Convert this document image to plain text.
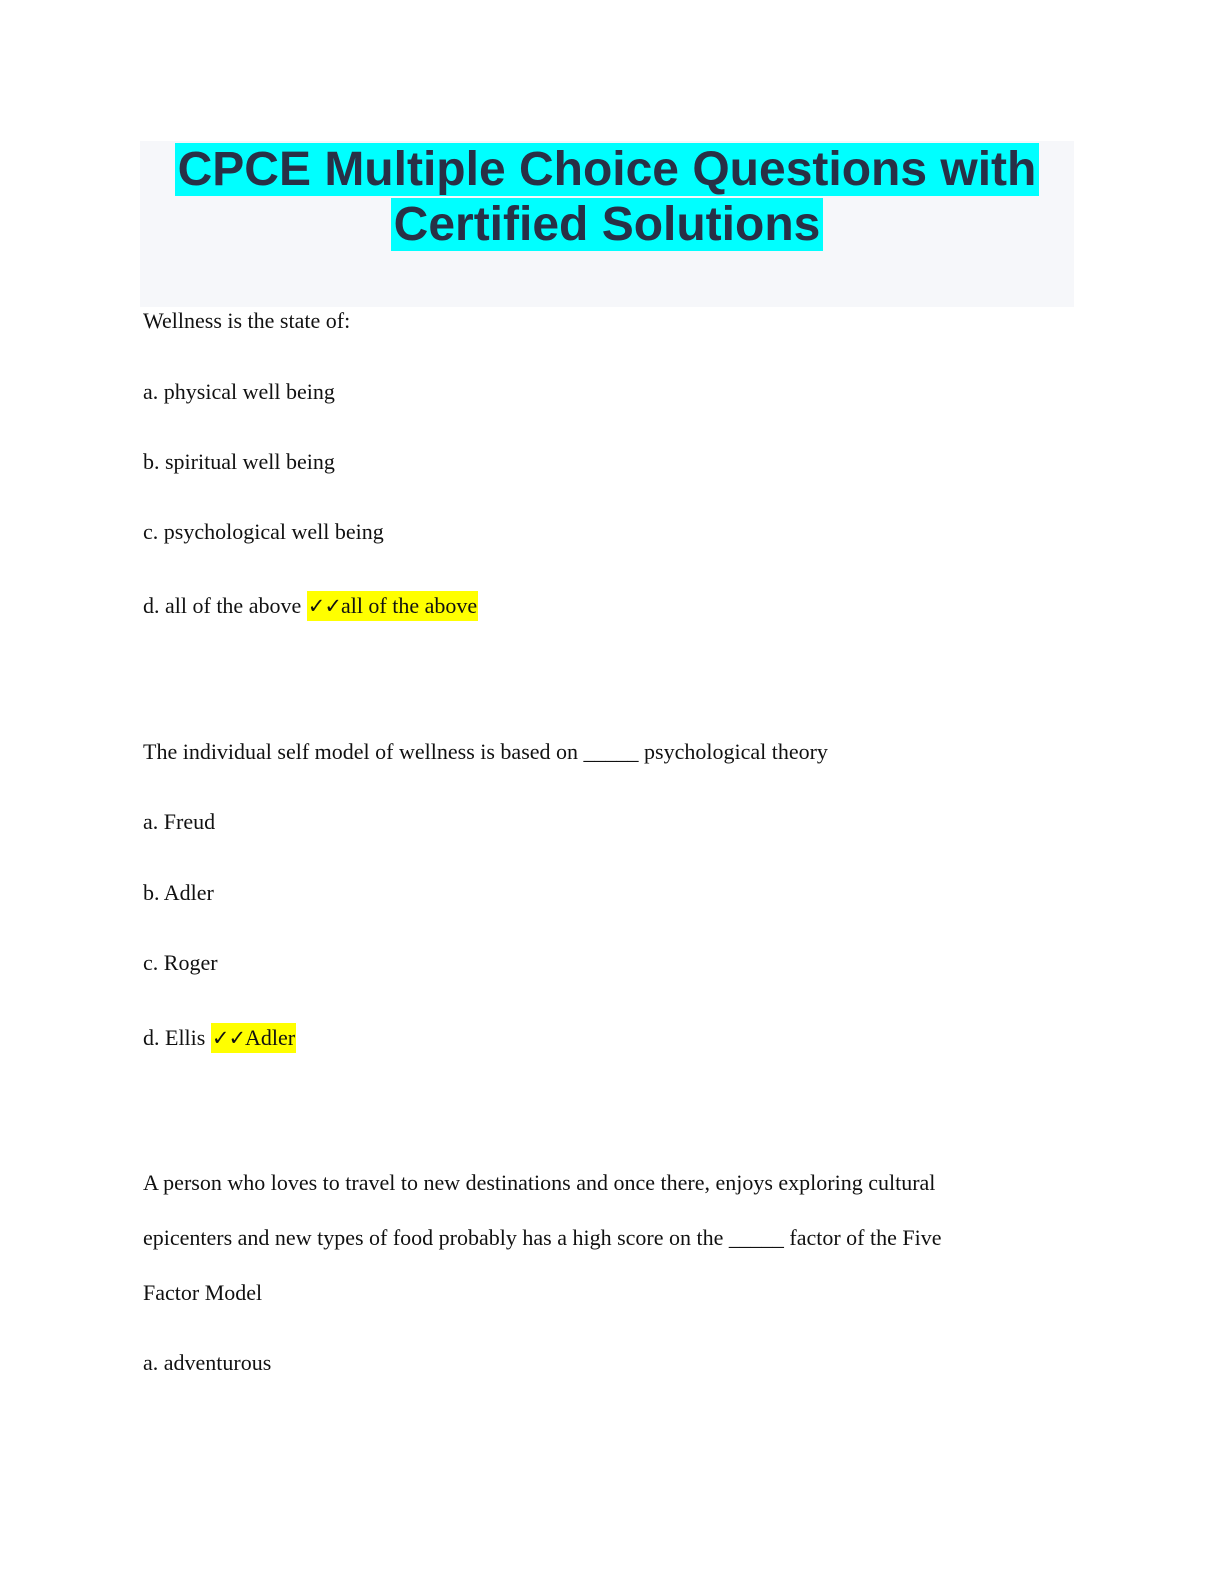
CPCE Multiple Choice Questions with
Certified Solutions
Wellness is the state of:
a. physical well being
b. spiritual well being
c. psychological well being
d. all of the above ✓✓all of the above
The individual self model of wellness is based on _____ psychological theory
a. Freud
b. Adler
c. Roger
d. Ellis ✓✓Adler
A person who loves to travel to new destinations and once there, enjoys exploring cultural
epicenters and new types of food probably has a high score on the _____ factor of the Five
Factor Model
a. adventurous
